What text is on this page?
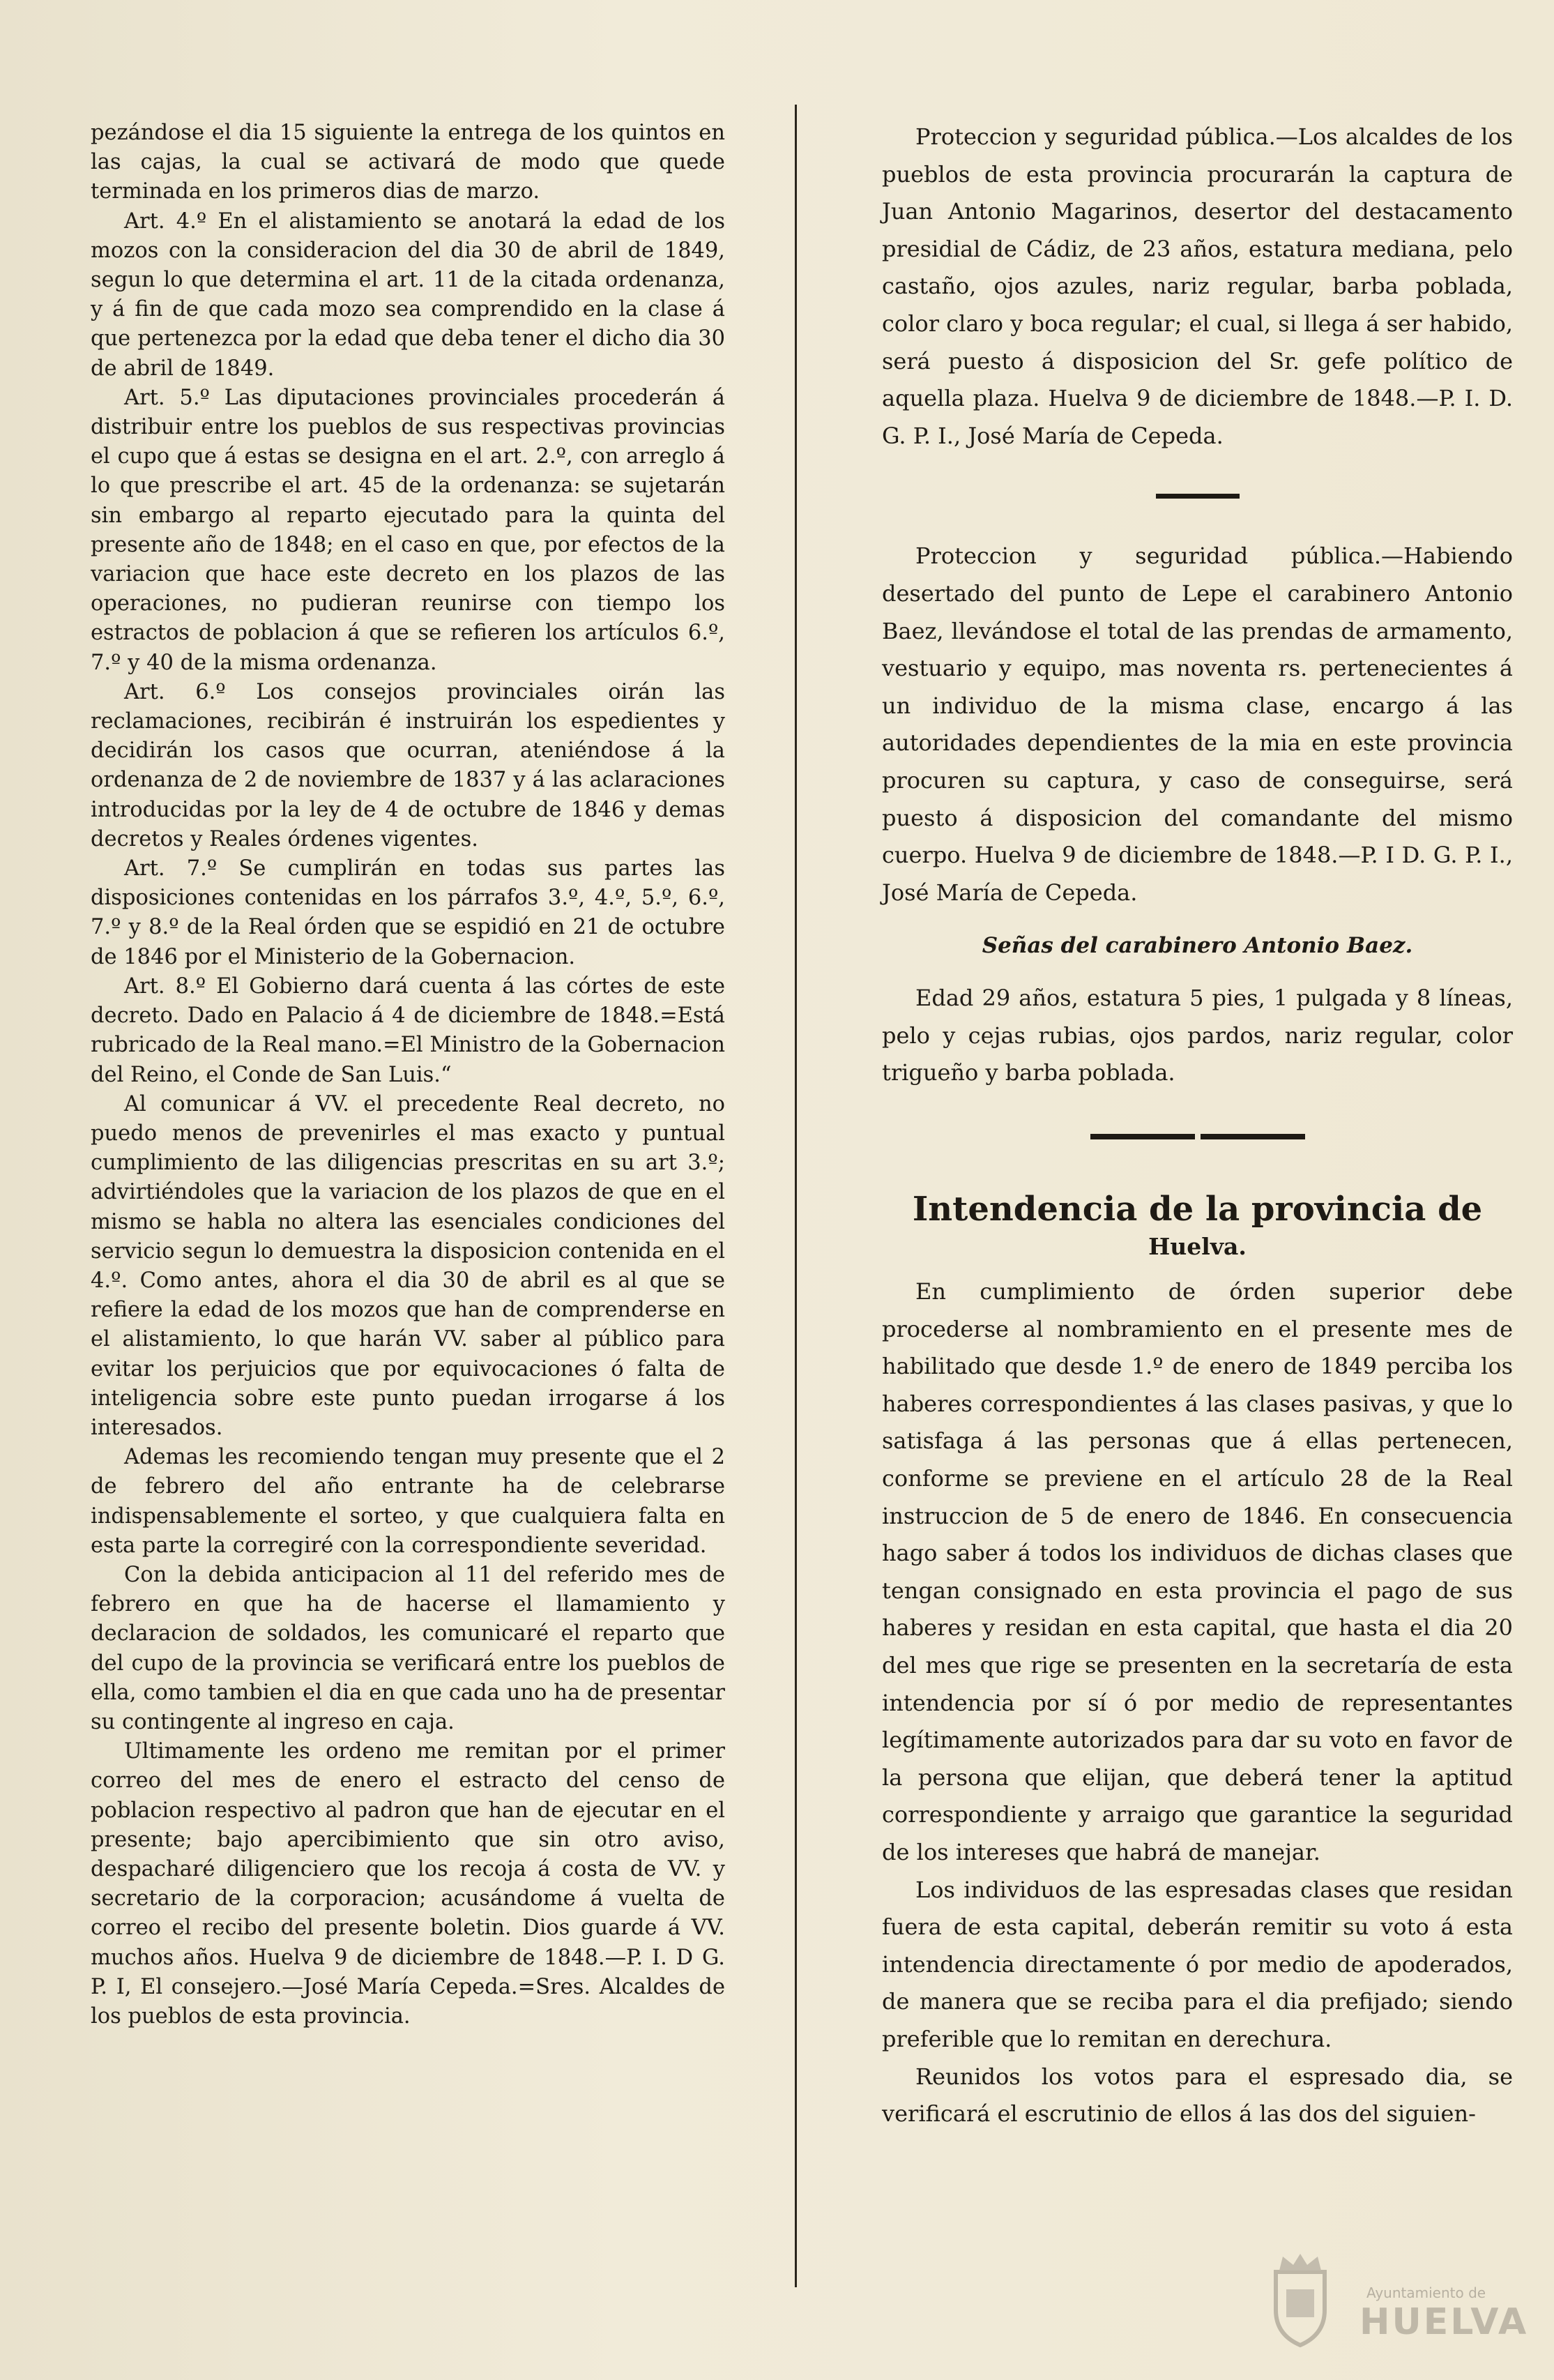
pezándose el dia 15 siguiente la entrega de los quintos en las cajas, la cual se activará de modo que quede terminada en los primeros dias de marzo.

Art. 4.º En el alistamiento se anotará la edad de los mozos con la consideracion del dia 30 de abril de 1849, segun lo que determina el art. 11 de la citada ordenanza, y á fin de que cada mozo sea comprendido en la clase á que pertenezca por la edad que deba tener el dicho dia 30 de abril de 1849.

Art. 5.º Las diputaciones provinciales procederán á distribuir entre los pueblos de sus respectivas provincias el cupo que á estas se designa en el art. 2.º, con arreglo á lo que prescribe el art. 45 de la ordenanza: se sujetarán sin embargo al reparto ejecutado para la quinta del presente año de 1848; en el caso en que, por efectos de la variacion que hace este decreto en los plazos de las operaciones, no pudieran reunirse con tiempo los estractos de poblacion á que se refieren los artículos 6.º, 7.º y 40 de la misma ordenanza.

Art. 6.º Los consejos provinciales oirán las reclamaciones, recibirán é instruirán los espedientes y decidirán los casos que ocurran, ateniéndose á la ordenanza de 2 de noviembre de 1837 y á las aclaraciones introducidas por la ley de 4 de octubre de 1846 y demas decretos y Reales órdenes vigentes.

Art. 7.º Se cumplirán en todas sus partes las disposiciones contenidas en los párrafos 3.º, 4.º, 5.º, 6.º, 7.º y 8.º de la Real órden que se espidió en 21 de octubre de 1846 por el Ministerio de la Gobernacion.

Art. 8.º El Gobierno dará cuenta á las córtes de este decreto. Dado en Palacio á 4 de diciembre de 1848.=Está rubricado de la Real mano.=El Ministro de la Gobernacion del Reino, el Conde de San Luis.“

Al comunicar á VV. el precedente Real decreto, no puedo menos de prevenirles el mas exacto y puntual cumplimiento de las diligencias prescritas en su art 3.º; advirtiéndoles que la variacion de los plazos de que en el mismo se habla no altera las esenciales condiciones del servicio segun lo demuestra la disposicion contenida en el 4.º. Como antes, ahora el dia 30 de abril es al que se refiere la edad de los mozos que han de comprenderse en el alistamiento, lo que harán VV. saber al público para evitar los perjuicios que por equivocaciones ó falta de inteligencia sobre este punto puedan irrogarse á los interesados.

Ademas les recomiendo tengan muy presente que el 2 de febrero del año entrante ha de celebrarse indispensablemente el sorteo, y que cualquiera falta en esta parte la corregiré con la correspondiente severidad.

Con la debida anticipacion al 11 del referido mes de febrero en que ha de hacerse el llamamiento y declaracion de soldados, les comunicaré el reparto que del cupo de la provincia se verificará entre los pueblos de ella, como tambien el dia en que cada uno ha de presentar su contingente al ingreso en caja.

Ultimamente les ordeno me remitan por el primer correo del mes de enero el estracto del censo de poblacion respectivo al padron que han de ejecutar en el presente; bajo apercibimiento que sin otro aviso, despacharé diligenciero que los recoja á costa de VV. y secretario de la corporacion; acusándome á vuelta de correo el recibo del presente boletin. Dios guarde á VV. muchos años. Huelva 9 de diciembre de 1848.—P. I. D G. P. I, El consejero.—José María Cepeda.=Sres. Alcaldes de los pueblos de esta provincia.

Proteccion y seguridad pública.—Los alcaldes de los pueblos de esta provincia procurarán la captura de Juan Antonio Magarinos, desertor del destacamento presidial de Cádiz, de 23 años, estatura mediana, pelo castaño, ojos azules, nariz regular, barba poblada, color claro y boca regular; el cual, si llega á ser habido, será puesto á disposicion del Sr. gefe político de aquella plaza. Huelva 9 de diciembre de 1848.—P. I. D. G. P. I., José María de Cepeda.

Proteccion y seguridad pública.—Habiendo desertado del punto de Lepe el carabinero Antonio Baez, llevándose el total de las prendas de armamento, vestuario y equipo, mas noventa rs. pertenecientes á un individuo de la misma clase, encargo á las autoridades dependientes de la mia en este provincia procuren su captura, y caso de conseguirse, será puesto á disposicion del comandante del mismo cuerpo. Huelva 9 de diciembre de 1848.—P. I D. G. P. I., José María de Cepeda.

Señas del carabinero Antonio Baez.

Edad 29 años, estatura 5 pies, 1 pulgada y 8 líneas, pelo y cejas rubias, ojos pardos, nariz regular, color trigueño y barba poblada.

Intendencia de la provincia de
Huelva.

En cumplimiento de órden superior debe procederse al nombramiento en el presente mes de habilitado que desde 1.º de enero de 1849 perciba los haberes correspondientes á las clases pasivas, y que lo satisfaga á las personas que á ellas pertenecen, conforme se previene en el artículo 28 de la Real instruccion de 5 de enero de 1846. En consecuencia hago saber á todos los individuos de dichas clases que tengan consignado en esta provincia el pago de sus haberes y residan en esta capital, que hasta el dia 20 del mes que rige se presenten en la secretaría de esta intendencia por sí ó por medio de representantes legítimamente autorizados para dar su voto en favor de la persona que elijan, que deberá tener la aptitud correspondiente y arraigo que garantice la seguridad de los intereses que habrá de manejar.

Los individuos de las espresadas clases que residan fuera de esta capital, deberán remitir su voto á esta intendencia directamente ó por medio de apoderados, de manera que se reciba para el dia prefijado; siendo preferible que lo remitan en derechura.

Reunidos los votos para el espresado dia, se verificará el escrutinio de ellos á las dos del siguien-

Ayuntamiento de
HUELVA
